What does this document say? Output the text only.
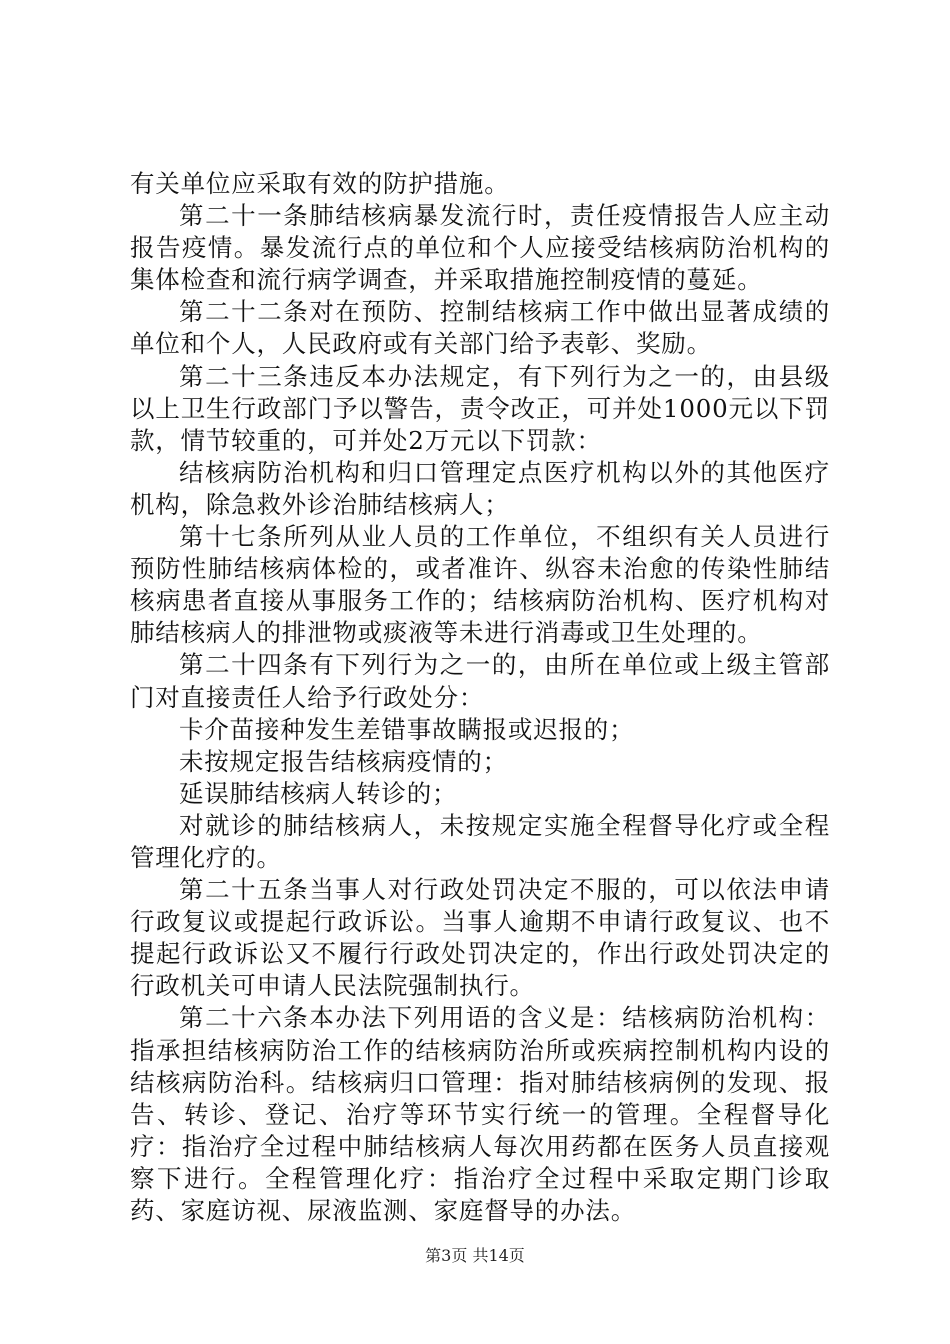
有关单位应采取有效的防护措施。

第二十一条肺结核病暴发流行时，责任疫情报告人应主动报告疫情。暴发流行点的单位和个人应接受结核病防治机构的集体检查和流行病学调查，并采取措施控制疫情的蔓延。

第二十二条对在预防、控制结核病工作中做出显著成绩的单位和个人，人民政府或有关部门给予表彰、奖励。

第二十三条违反本办法规定，有下列行为之一的，由县级以上卫生行政部门予以警告，责令改正，可并处1000元以下罚款，情节较重的，可并处2万元以下罚款：

结核病防治机构和归口管理定点医疗机构以外的其他医疗机构，除急救外诊治肺结核病人；

第十七条所列从业人员的工作单位，不组织有关人员进行预防性肺结核病体检的，或者准许、纵容未治愈的传染性肺结核病患者直接从事服务工作的；结核病防治机构、医疗机构对肺结核病人的排泄物或痰液等未进行消毒或卫生处理的。

第二十四条有下列行为之一的，由所在单位或上级主管部门对直接责任人给予行政处分：

卡介苗接种发生差错事故瞒报或迟报的；

未按规定报告结核病疫情的；

延误肺结核病人转诊的；

对就诊的肺结核病人，未按规定实施全程督导化疗或全程管理化疗的。

第二十五条当事人对行政处罚决定不服的，可以依法申请行政复议或提起行政诉讼。当事人逾期不申请行政复议、也不提起行政诉讼又不履行行政处罚决定的，作出行政处罚决定的行政机关可申请人民法院强制执行。

第二十六条本办法下列用语的含义是：结核病防治机构：指承担结核病防治工作的结核病防治所或疾病控制机构内设的结核病防治科。结核病归口管理：指对肺结核病例的发现、报告、转诊、登记、治疗等环节实行统一的管理。全程督导化疗：指治疗全过程中肺结核病人每次用药都在医务人员直接观察下进行。全程管理化疗：指治疗全过程中采取定期门诊取药、家庭访视、尿液监测、家庭督导的办法。

第3页 共14页
